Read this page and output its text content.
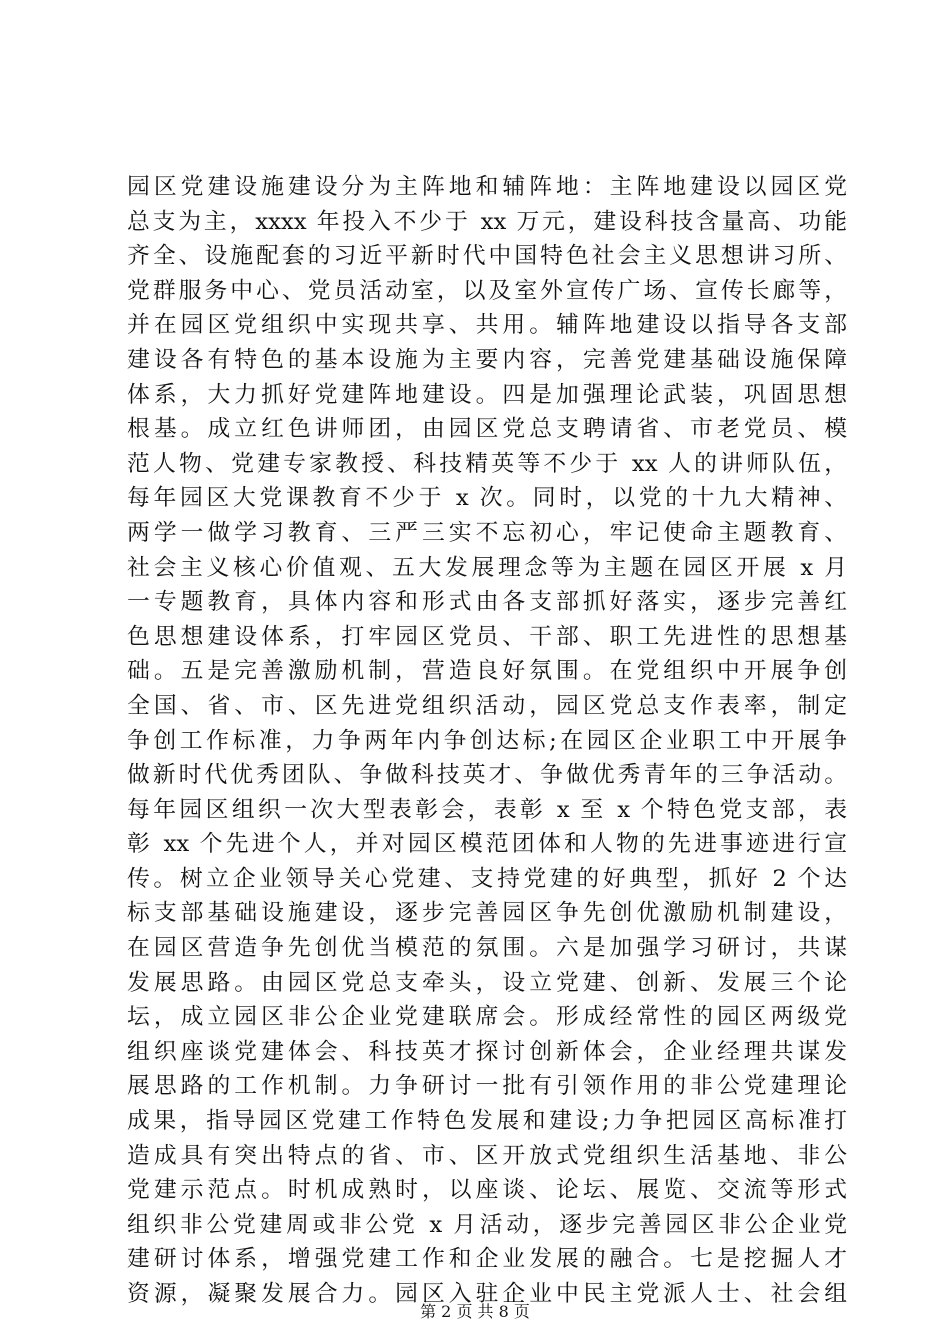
园区党建设施建设分为主阵地和辅阵地：主阵地建设以园区党
总支为主，xxxx 年投入不少于 xx 万元，建设科技含量高、功能
齐全、设施配套的习近平新时代中国特色社会主义思想讲习所、
党群服务中心、党员活动室，以及室外宣传广场、宣传长廊等，
并在园区党组织中实现共享、共用。辅阵地建设以指导各支部
建设各有特色的基本设施为主要内容，完善党建基础设施保障
体系，大力抓好党建阵地建设。四是加强理论武装，巩固思想
根基。成立红色讲师团，由园区党总支聘请省、市老党员、模
范人物、党建专家教授、科技精英等不少于 xx 人的讲师队伍，
每年园区大党课教育不少于 x 次。同时，以党的十九大精神、
两学一做学习教育、三严三实不忘初心，牢记使命主题教育、
社会主义核心价值观、五大发展理念等为主题在园区开展 x 月
一专题教育，具体内容和形式由各支部抓好落实，逐步完善红
色思想建设体系，打牢园区党员、干部、职工先进性的思想基
础。五是完善激励机制，营造良好氛围。在党组织中开展争创
全国、省、市、区先进党组织活动，园区党总支作表率，制定
争创工作标准，力争两年内争创达标;在园区企业职工中开展争
做新时代优秀团队、争做科技英才、争做优秀青年的三争活动。
每年园区组织一次大型表彰会，表彰 x 至 x 个特色党支部，表
彰 xx 个先进个人，并对园区模范团体和人物的先进事迹进行宣
传。树立企业领导关心党建、支持党建的好典型，抓好 2 个达
标支部基础设施建设，逐步完善园区争先创优激励机制建设，
在园区营造争先创优当模范的氛围。六是加强学习研讨，共谋
发展思路。由园区党总支牵头，设立党建、创新、发展三个论
坛，成立园区非公企业党建联席会。形成经常性的园区两级党
组织座谈党建体会、科技英才探讨创新体会，企业经理共谋发
展思路的工作机制。力争研讨一批有引领作用的非公党建理论
成果，指导园区党建工作特色发展和建设;力争把园区高标准打
造成具有突出特点的省、市、区开放式党组织生活基地、非公
党建示范点。时机成熟时，以座谈、论坛、展览、交流等形式
组织非公党建周或非公党 x 月活动，逐步完善园区非公企业党
建研讨体系，增强党建工作和企业发展的融合。七是挖掘人才
资源，凝聚发展合力。园区入驻企业中民主党派人士、社会组
第 2 页 共 8 页
